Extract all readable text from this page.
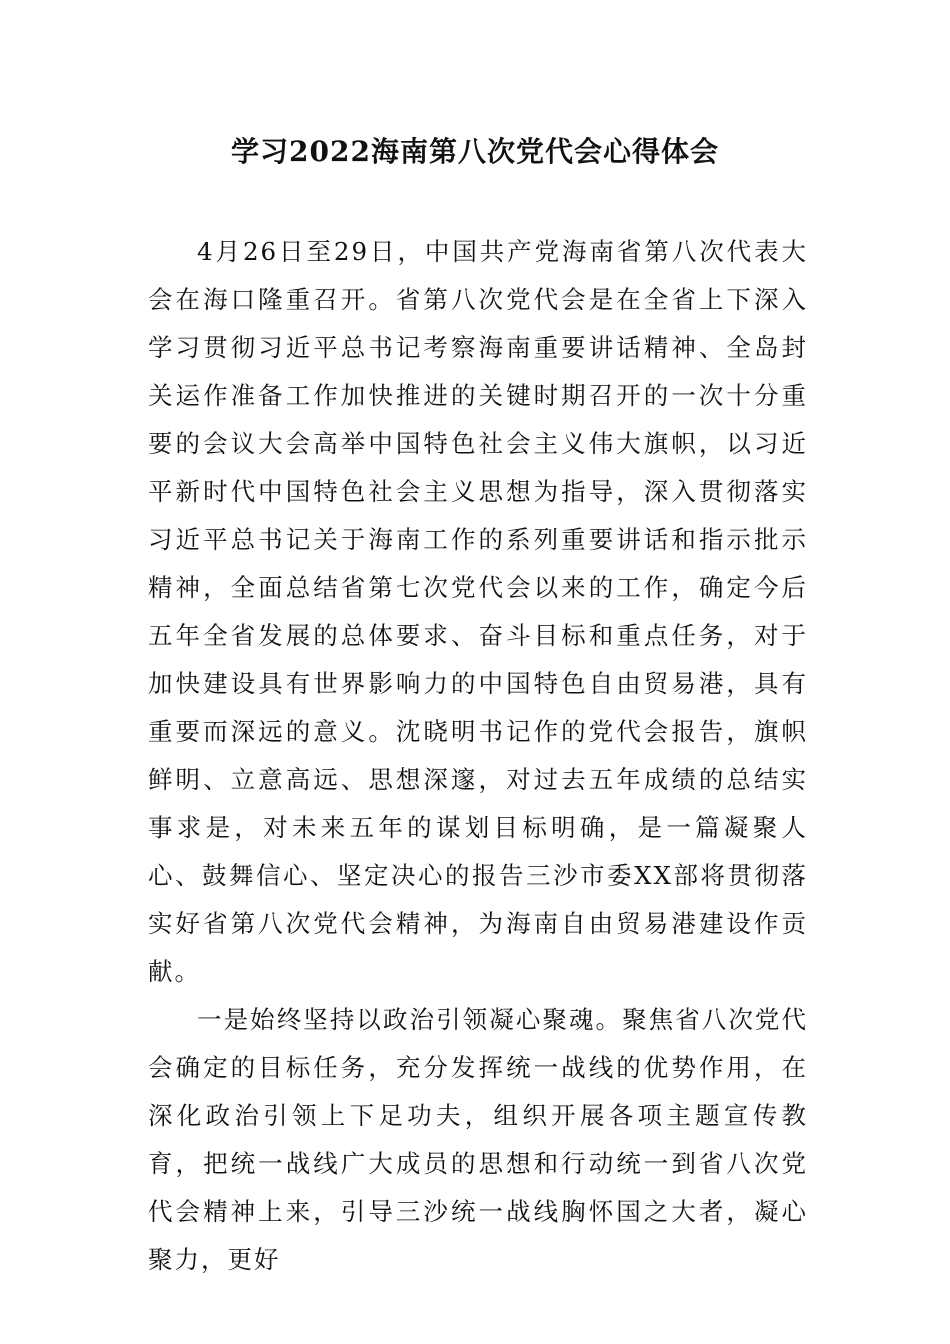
学习2022海南第八次党代会心得体会

4月26日至29日，中国共产党海南省第八次代表大会在海口隆重召开。省第八次党代会是在全省上下深入学习贯彻习近平总书记考察海南重要讲话精神、全岛封关运作准备工作加快推进的关键时期召开的一次十分重要的会议大会高举中国特色社会主义伟大旗帜，以习近平新时代中国特色社会主义思想为指导，深入贯彻落实习近平总书记关于海南工作的系列重要讲话和指示批示精神，全面总结省第七次党代会以来的工作，确定今后五年全省发展的总体要求、奋斗目标和重点任务，对于加快建设具有世界影响力的中国特色自由贸易港，具有重要而深远的意义。沈晓明书记作的党代会报告，旗帜鲜明、立意高远、思想深邃，对过去五年成绩的总结实事求是，对未来五年的谋划目标明确，是一篇凝聚人心、鼓舞信心、坚定决心的报告三沙市委XX部将贯彻落实好省第八次党代会精神，为海南自由贸易港建设作贡献。

一是始终坚持以政治引领凝心聚魂。聚焦省八次党代会确定的目标任务，充分发挥统一战线的优势作用，在深化政治引领上下足功夫，组织开展各项主题宣传教育，把统一战线广大成员的思想和行动统一到省八次党代会精神上来，引导三沙统一战线胸怀国之大者，凝心聚力，更好
